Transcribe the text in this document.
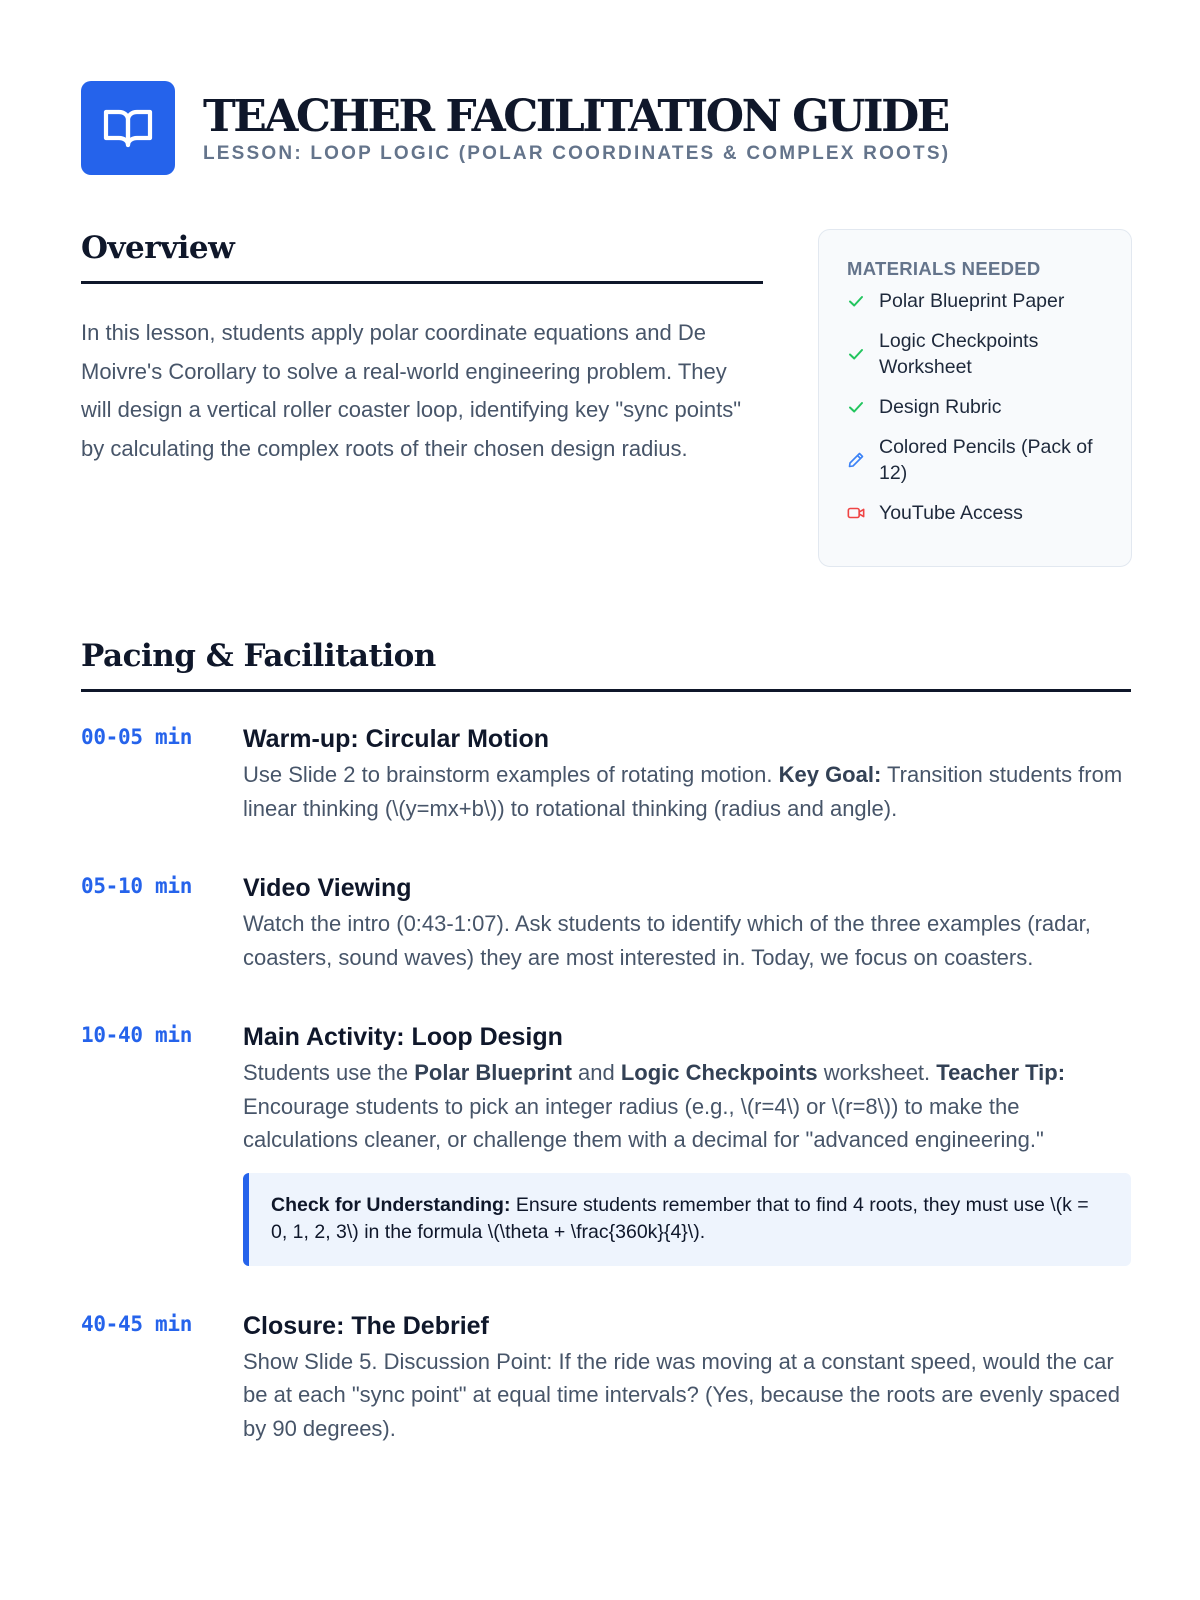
TEACHER FACILITATION GUIDE
LESSON: LOOP LOGIC (POLAR COORDINATES & COMPLEX ROOTS)
Overview

In this lesson, students apply polar coordinate equations and De Moivre's Corollary to solve a real-world engineering problem. They will design a vertical roller coaster loop, identifying key "sync points" by calculating the complex roots of their chosen design radius.

MATERIALS NEEDED
Polar Blueprint Paper
Logic Checkpoints Worksheet
Design Rubric
Colored Pencils (Pack of 12)
YouTube Access
Pacing & Facilitation
00-05 min	Warm-up: Circular Motion

Use Slide 2 to brainstorm examples of rotating motion. Key Goal: Transition students from linear thinking (\(y=mx+b\)) to rotational thinking (radius and angle).

05-10 min	Video Viewing

Watch the intro (0:43-1:07). Ask students to identify which of the three examples (radar, coasters, sound waves) they are most interested in. Today, we focus on coasters.

10-40 min	Main Activity: Loop Design

Students use the Polar Blueprint and Logic Checkpoints worksheet. Teacher Tip: Encourage students to pick an integer radius (e.g., \(r=4\) or \(r=8\)) to make the calculations cleaner, or challenge them with a decimal for "advanced engineering."

Check for Understanding: Ensure students remember that to find 4 roots, they must use \(k = 0, 1, 2, 3\) in the formula \(\theta + \frac{360k}{4}\).
40-45 min	Closure: The Debrief

Show Slide 5. Discussion Point: If the ride was moving at a constant speed, would the car be at each "sync point" at equal time intervals? (Yes, because the roots are evenly spaced by 90 degrees).
